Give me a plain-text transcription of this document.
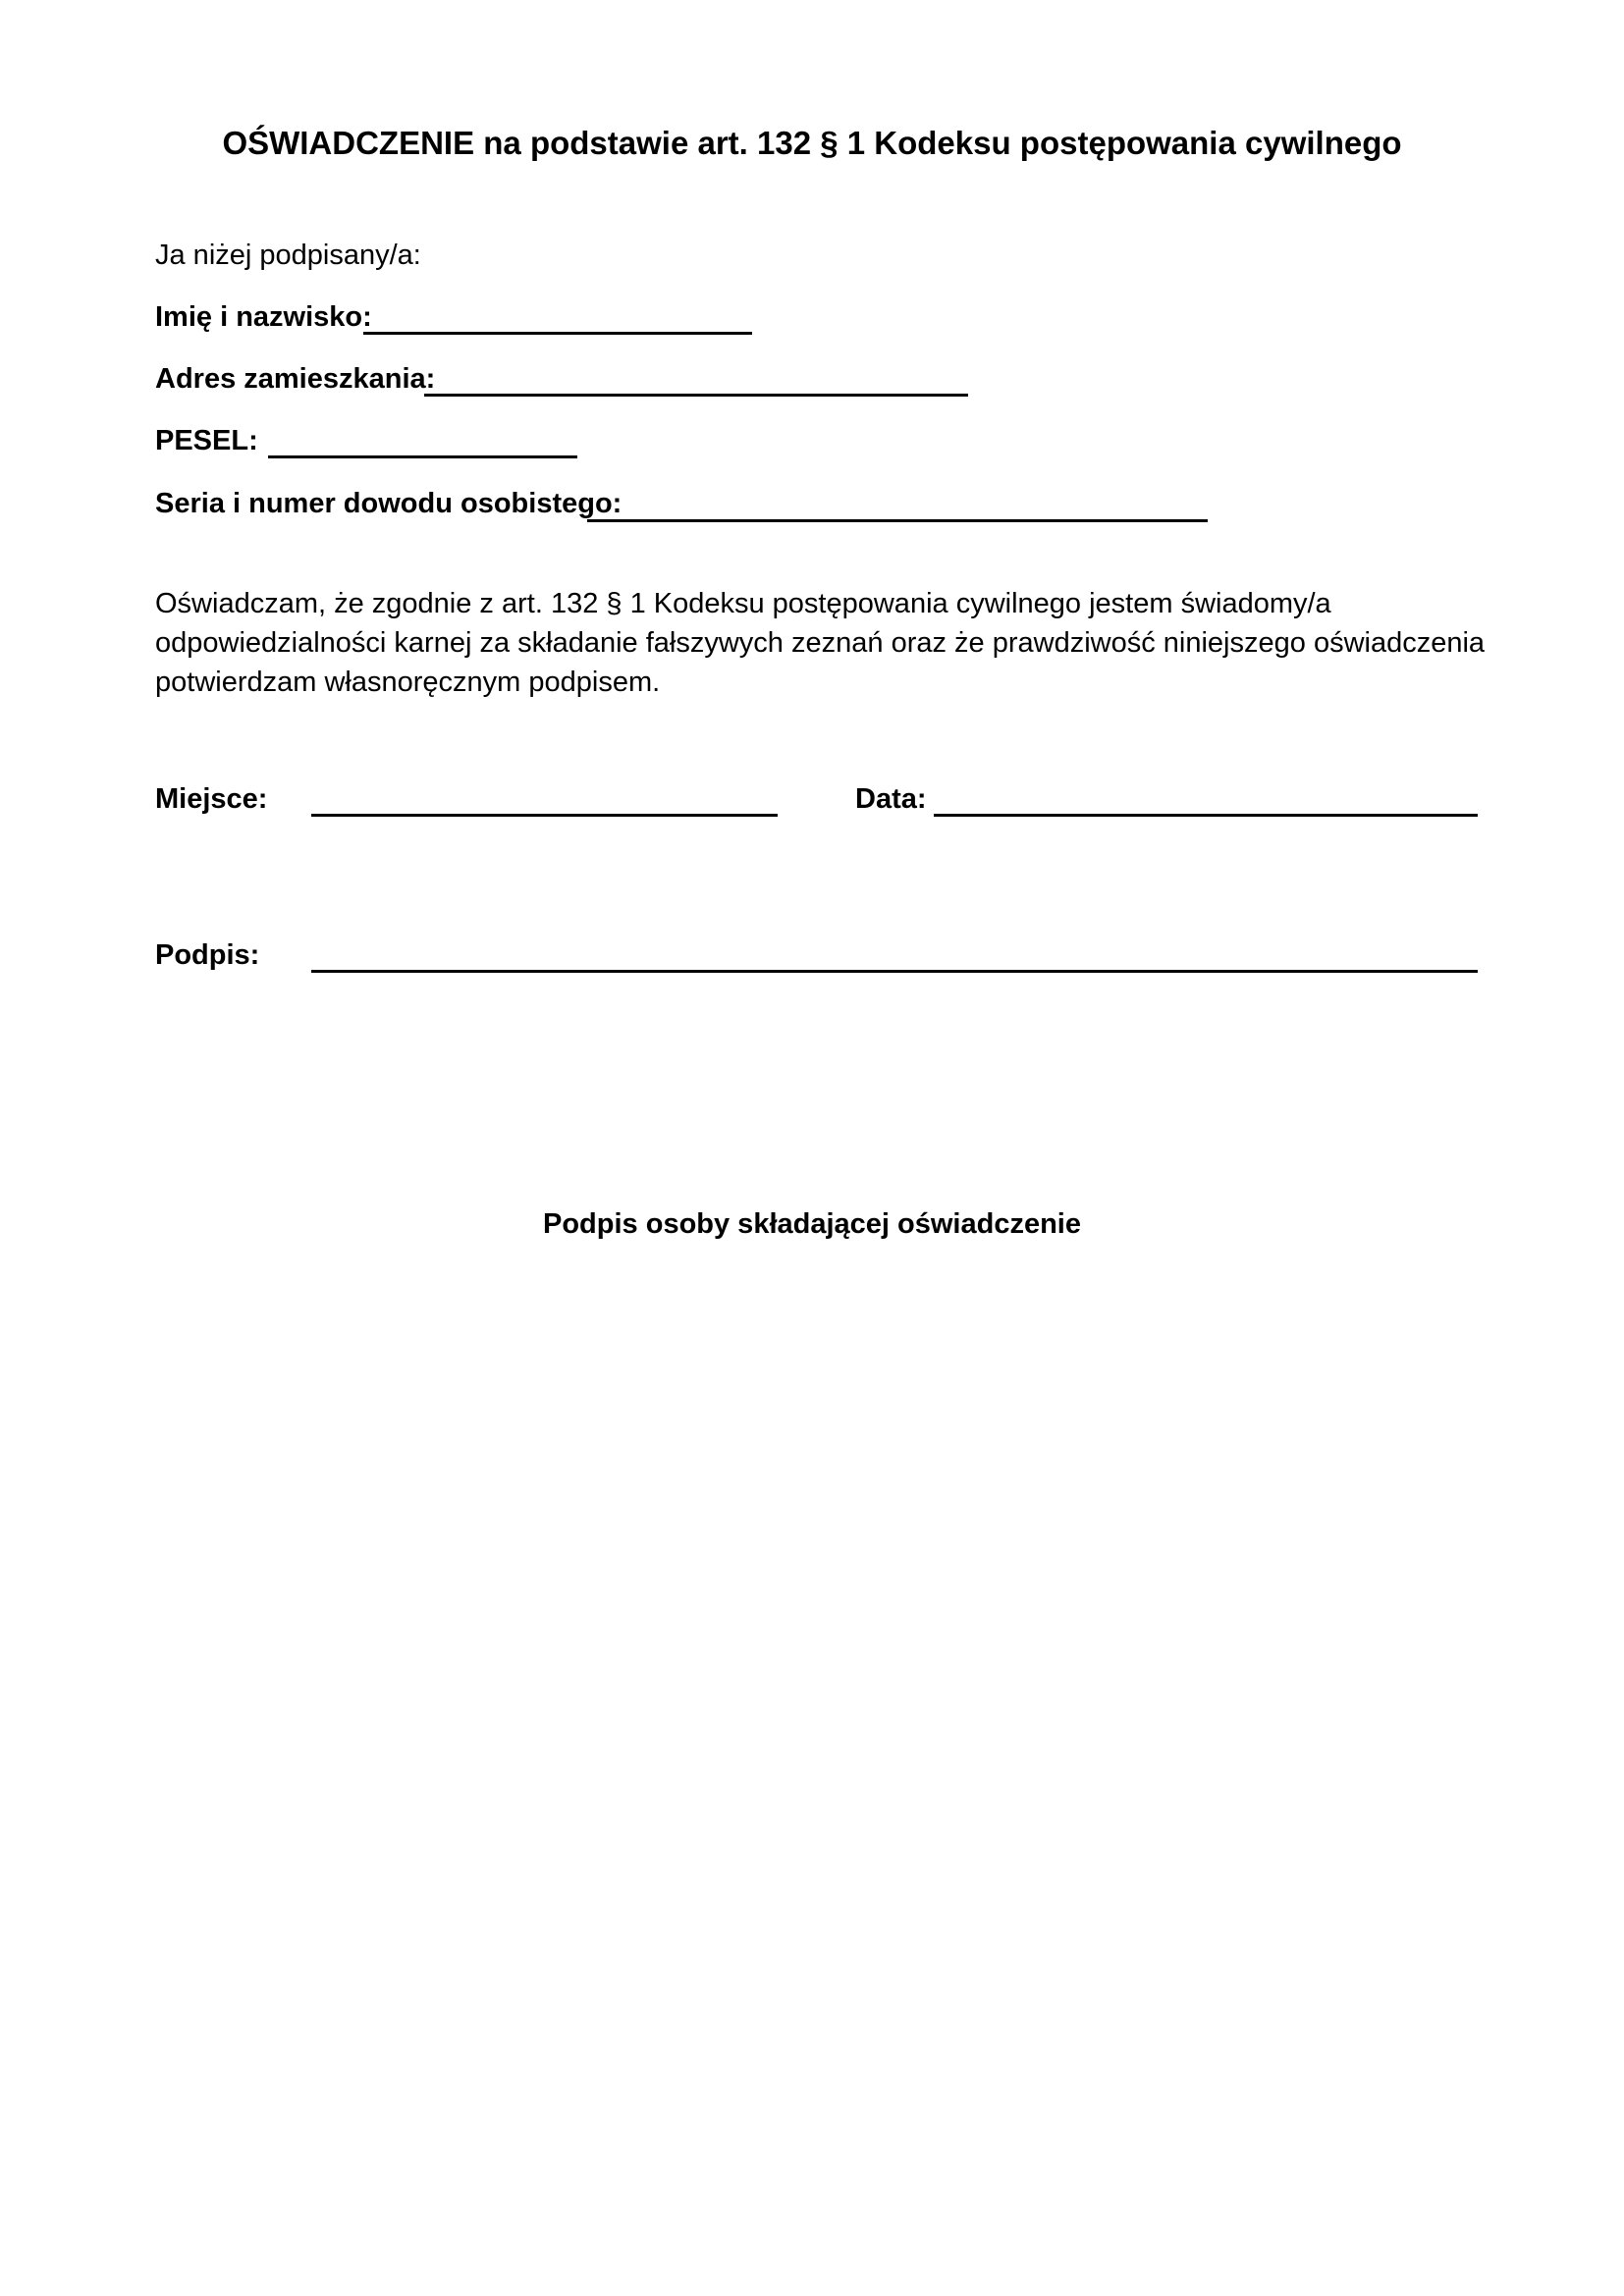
OŚWIADCZENIE na podstawie art. 132 § 1 Kodeksu postępowania cywilnego
Ja niżej podpisany/a:
Imię i nazwisko:
Adres zamieszkania:
PESEL:
Seria i numer dowodu osobistego:
Oświadczam, że zgodnie z art. 132 § 1 Kodeksu postępowania cywilnego jestem świadomy/a
odpowiedzialności karnej za składanie fałszywych zeznań oraz że prawdziwość niniejszego oświadczenia
potwierdzam własnoręcznym podpisem.
Miejsce:	Data:
Podpis:
Podpis osoby składającej oświadczenie
